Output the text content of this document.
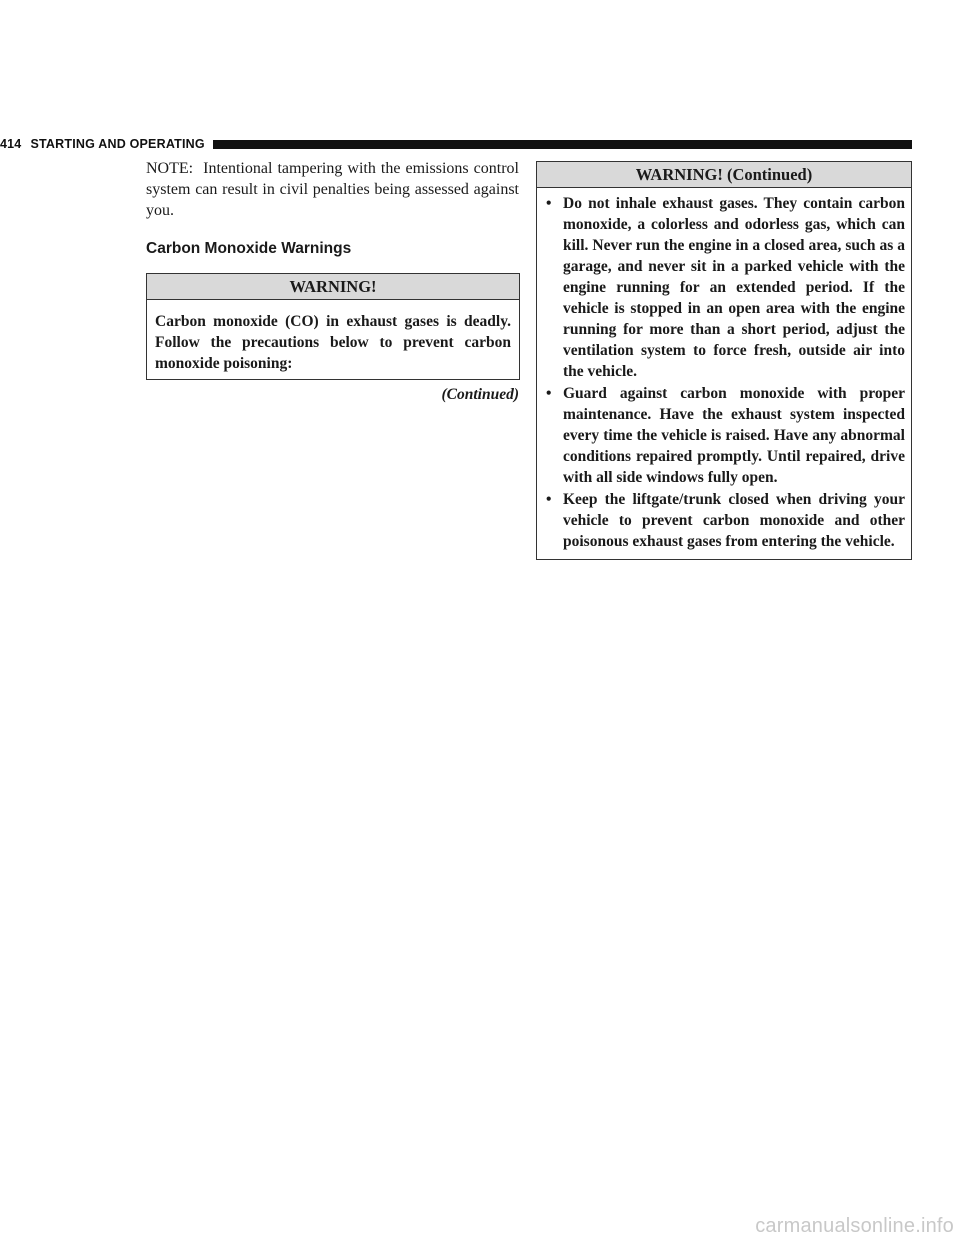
414 STARTING AND OPERATING

NOTE: Intentional tampering with the emissions control system can result in civil penalties being assessed against you.

Carbon Monoxide Warnings
WARNING!
Carbon monoxide (CO) in exhaust gases is deadly. Follow the precautions below to prevent carbon monoxide poisoning:
(Continued)
WARNING! (Continued)
• Do not inhale exhaust gases. They contain carbon monoxide, a colorless and odorless gas, which can kill. Never run the engine in a closed area, such as a garage, and never sit in a parked vehicle with the engine running for an extended period. If the vehicle is stopped in an open area with the engine running for more than a short period, adjust the ventilation system to force fresh, outside air into the vehicle.
• Guard against carbon monoxide with proper maintenance. Have the exhaust system inspected every time the vehicle is raised. Have any abnormal conditions repaired promptly. Until repaired, drive with all side windows fully open.
• Keep the liftgate/trunk closed when driving your vehicle to prevent carbon monoxide and other poisonous exhaust gases from entering the vehicle.
carmanualsonline.info
